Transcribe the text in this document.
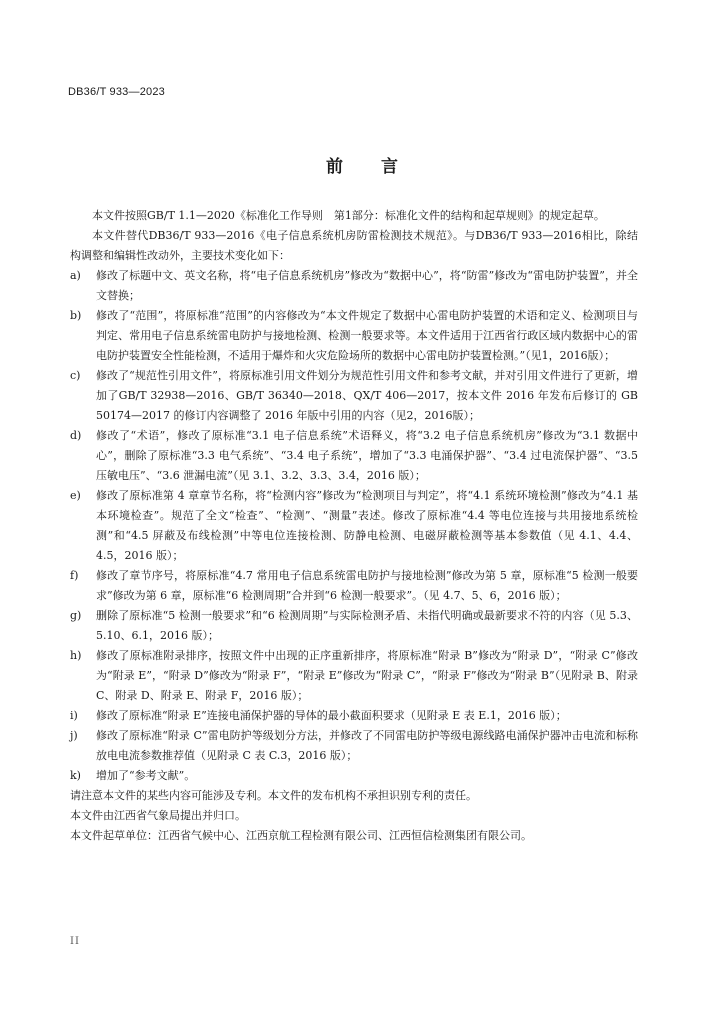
DB36/T 933—2023
前言

本文件按照GB/T 1.1—2020《标准化工作导则　第1部分：标准化文件的结构和起草规则》的规定起草。

本文件替代DB36/T 933—2016《电子信息系统机房防雷检测技术规范》。与DB36/T 933—2016相比，除结构调整和编辑性改动外，主要技术变化如下：

a)	修改了标题中文、英文名称，将“电子信息系统机房”修改为“数据中心”，将“防雷”修改为“雷电防护装置”，并全文替换；
b)	修改了“范围”，将原标准“范围”的内容修改为“本文件规定了数据中心雷电防护装置的术语和定义、检测项目与判定、常用电子信息系统雷电防护与接地检测、检测一般要求等。本文件适用于江西省行政区域内数据中心的雷电防护装置安全性能检测，不适用于爆炸和火灾危险场所的数据中心雷电防护装置检测。”（见1，2016版）；
c)	修改了“规范性引用文件”，将原标准引用文件划分为规范性引用文件和参考文献，并对引用文件进行了更新，增加了GB/T 32938—2016、GB/T 36340—2018、QX/T 406—2017，按本文件 2016 年发布后修订的 GB 50174—2017 的修订内容调整了 2016 年版中引用的内容（见2，2016版）；
d)	修改了“术语”，修改了原标准“3.1 电子信息系统”术语释义，将“3.2 电子信息系统机房”修改为“3.1 数据中心”，删除了原标准“3.3 电气系统”、“3.4 电子系统”，增加了“3.3 电涌保护器”、“3.4 过电流保护器”、“3.5 压敏电压”、“3.6 泄漏电流”（见 3.1、3.2、3.3、3.4，2016 版）；
e)	修改了原标准第 4 章章节名称，将“检测内容”修改为“检测项目与判定”，将“4.1 系统环境检测”修改为“4.1 基本环境检查”。规范了全文“检查”、“检测”、“测量”表述。修改了原标准“4.4 等电位连接与共用接地系统检测”和“4.5 屏蔽及布线检测”中等电位连接检测、防静电检测、电磁屏蔽检测等基本参数值（见 4.1、4.4、4.5，2016 版）；
f)	修改了章节序号，将原标准“4.7 常用电子信息系统雷电防护与接地检测”修改为第 5 章，原标准“5 检测一般要求”修改为第 6 章，原标准“6 检测周期”合并到“6 检测一般要求”。（见 4.7、5、6，2016 版）；
g)	删除了原标准“5 检测一般要求”和“6 检测周期”与实际检测矛盾、未指代明确或最新要求不符的内容（见 5.3、5.10、6.1，2016 版）；
h)	修改了原标准附录排序，按照文件中出现的正序重新排序，将原标准“附录 B”修改为“附录 D”，“附录 C”修改为“附录 E”，“附录 D”修改为“附录 F”，“附录 E”修改为“附录 C”，“附录 F”修改为“附录 B”（见附录 B、附录 C、附录 D、附录 E、附录 F，2016 版）；
i)	修改了原标准“附录 E”连接电涌保护器的导体的最小截面积要求（见附录 E 表 E.1，2016 版）；
j)	修改了原标准“附录 C”雷电防护等级划分方法，并修改了不同雷电防护等级电源线路电涌保护器冲击电流和标称放电电流参数推荐值（见附录 C 表 C.3，2016 版）；
k)	增加了“参考文献”。

请注意本文件的某些内容可能涉及专利。本文件的发布机构不承担识别专利的责任。

本文件由江西省气象局提出并归口。

本文件起草单位：江西省气候中心、江西京航工程检测有限公司、江西恒信检测集团有限公司。

II
